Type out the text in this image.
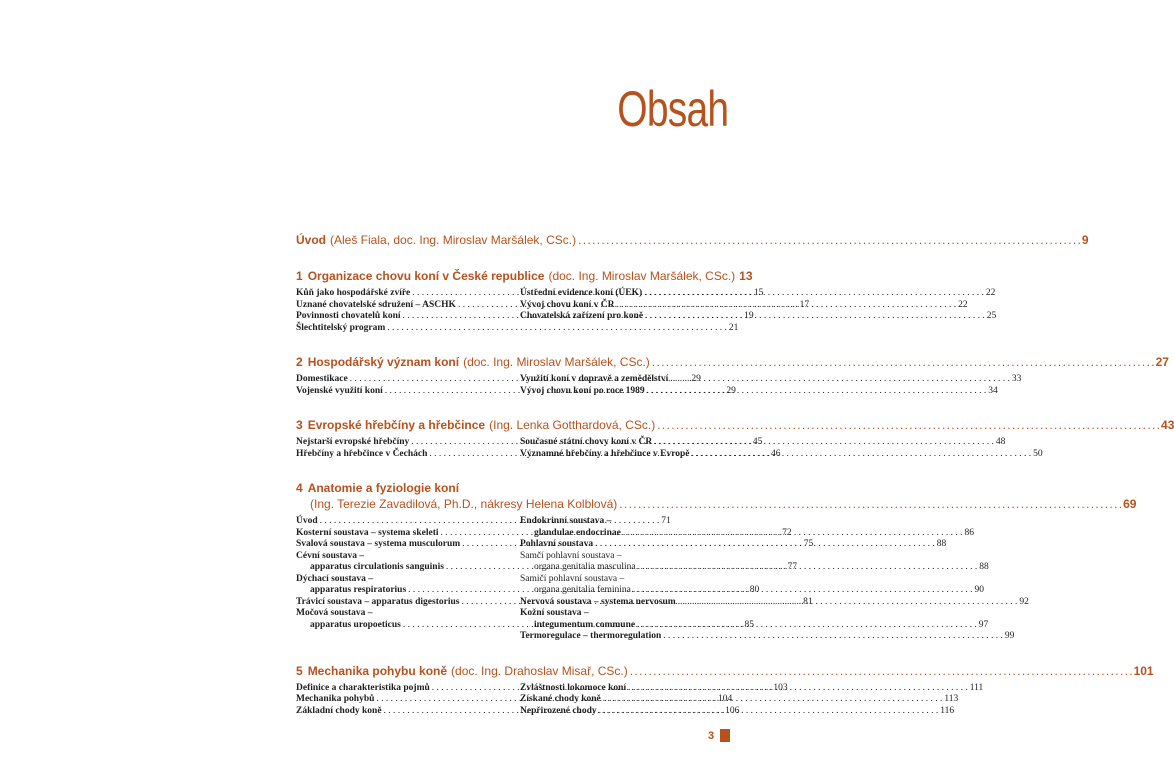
Obsah
Úvod (Aleš Fiala, doc. Ing. Miroslav Maršálek, CSc.) . . .	9
1 Organizace chovu koní v České republice (doc. Ing. Miroslav Maršálek, CSc.) 13
Kůň jako hospodářské zvíře . . .	15
Uznané chovatelské sdružení – ASCHK . . .	17
Povinnosti chovatelů koní . . .	19
Šlechtitelský program . . .	21
Ústřední evidence koní (ÚEK) . . .	22
Vývoj chovu koní v ČR . . .	22
Chovatelská zařízení pro koně . . .	25
2 Hospodářský význam koní (doc. Ing. Miroslav Maršálek, CSc.) . . .	27
Domestikace . . .	29
Vojenské využití koní . . .	29
Využití koní v dopravě a zemědělství . . .	33
Vývoj chovu koní po roce 1989 . . .	34
3 Evropské hřebčíny a hřebčince (Ing. Lenka Gotthardová, CSc.) . . .	43
Nejstarší evropské hřebčíny . . .	45
Hřebčíny a hřebčince v Čechách . . .	46
Současné státní chovy koní v ČR . . .	48
Významné hřebčíny a hřebčince v Evropě . . .	50
4 Anatomie a fyziologie koní
(Ing. Terezie Zavadilová, Ph.D., nákresy Helena Kolblová) . . .	69
Úvod . . .	71
Kosterní soustava – systema skeleti . . .	72
Svalová soustava – systema musculorum . . .	75
Cévní soustava –
apparatus circulationis sanguinis . . .	77
Dýchací soustava –
apparatus respiratorius . . .	80
Trávicí soustava – apparatus digestorius . . .	81
Močová soustava –
apparatus uropoeticus . . .	85
Endokrinní soustava –
glandulae endocrinae . . .	86
Pohlavní soustava . . .	88
Samčí pohlavní soustava –
organa genitalia masculina . . .	88
Samičí pohlavní soustava –
organa genitalia feminina . . .	90
Nervová soustava – systema nervosum . . .	92
Kožní soustava –
integumentum commune . . .	97
Termoregulace – thermoregulation . . .	99
5 Mechanika pohybu koně (doc. Ing. Drahoslav Misař, CSc.) . . .	101
Definice a charakteristika pojmů . . .	103
Mechanika pohybů . . .	104
Základní chody koně . . .	106
Zvláštnosti lokomoce koní . . .	111
Získané chody koně . . .	113
Nepřirozené chody . . .	116
3
